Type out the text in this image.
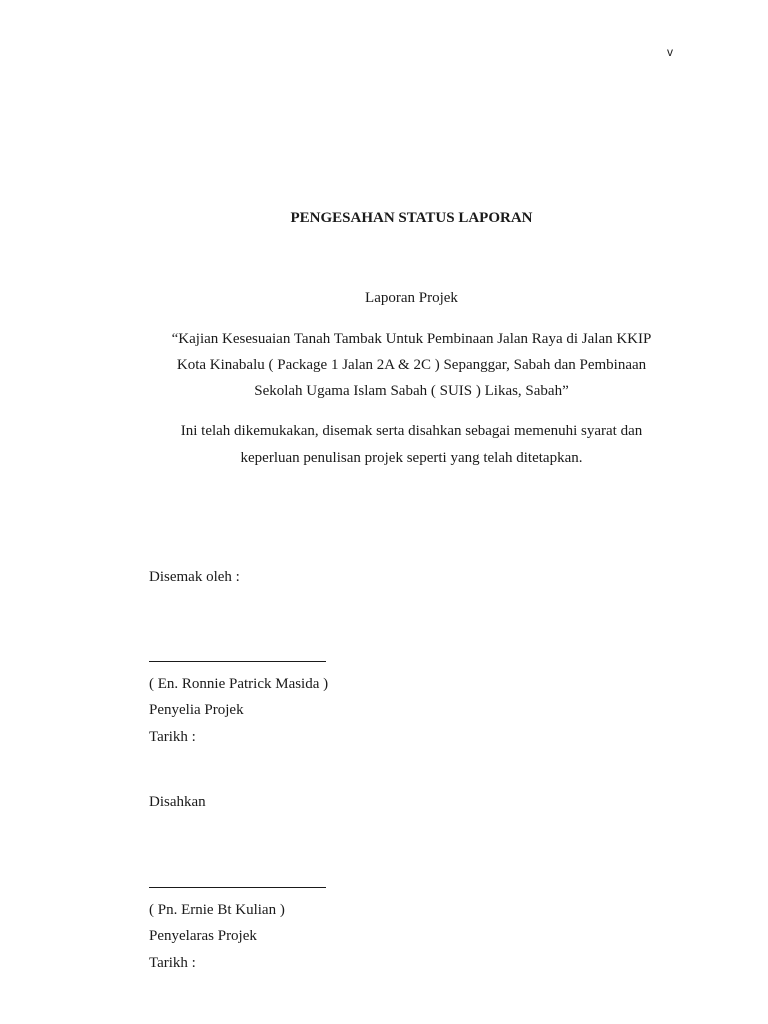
v
PENGESAHAN STATUS LAPORAN
Laporan Projek
“Kajian Kesesuaian Tanah Tambak Untuk Pembinaan Jalan Raya di Jalan KKIP
Kota Kinabalu ( Package 1 Jalan 2A & 2C ) Sepanggar, Sabah dan Pembinaan
Sekolah Ugama Islam Sabah ( SUIS ) Likas, Sabah”
Ini telah dikemukakan, disemak serta disahkan sebagai memenuhi syarat dan
keperluan penulisan projek seperti yang telah ditetapkan.
Disemak oleh :
( En. Ronnie Patrick Masida )
Penyelia Projek
Tarikh :
Disahkan
( Pn. Ernie Bt Kulian )
Penyelaras Projek
Tarikh :
